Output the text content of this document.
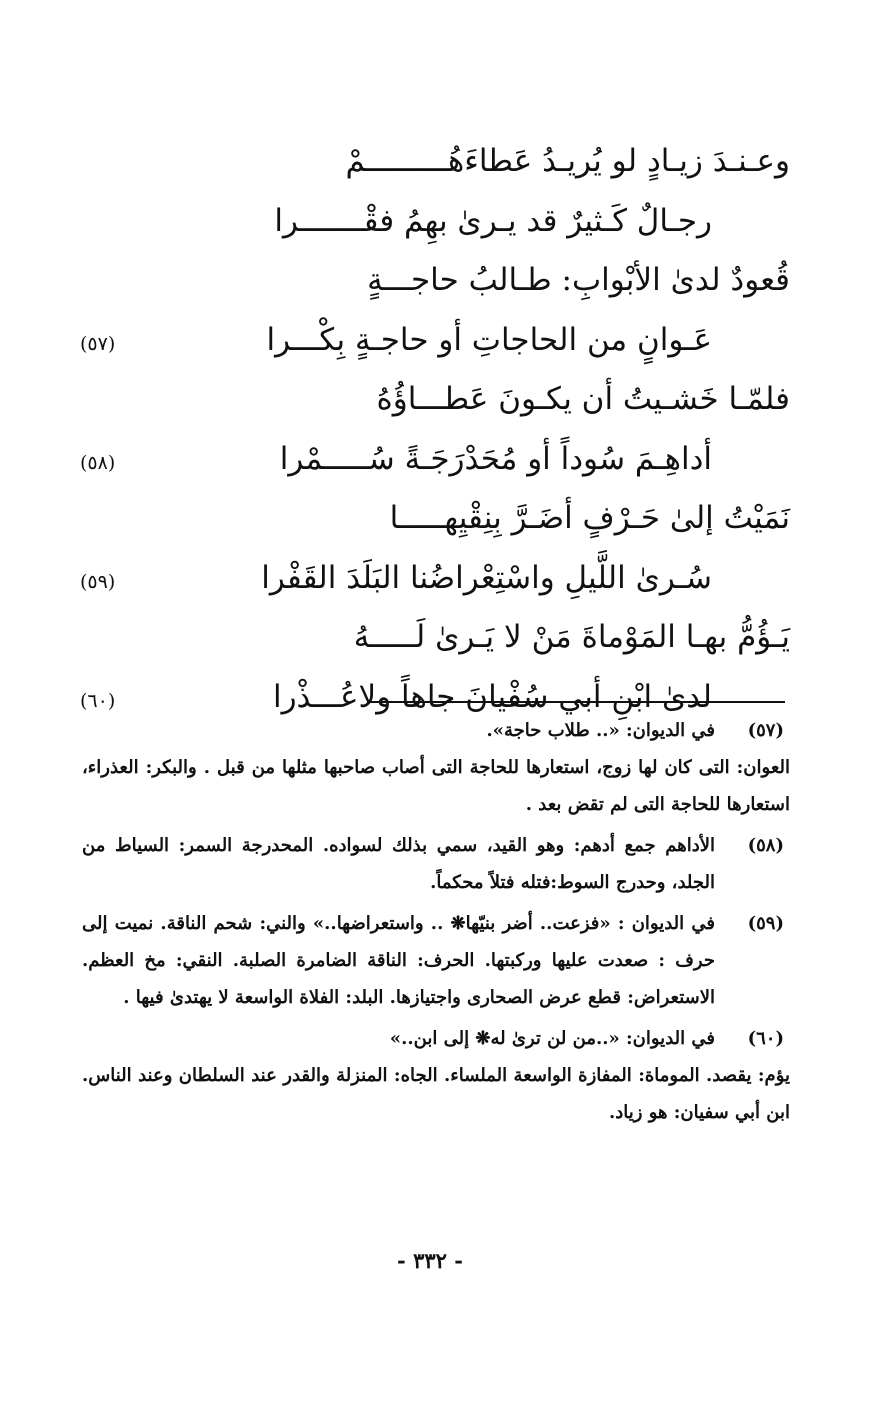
وعـنـدَ زيـادٍ لو يُريـدُ عَطاءَهُـــــــــمْ
رجـالٌ كَـثيرٌ قد يـرىٰ بهِمُ فقْـــــــرا
قُعودٌ لدىٰ الأبْوابِ: طـالبُ حاجـــةٍ
عَـوانٍ من الحاجاتِ أو حاجـةٍ بِكْـــرا
(٥٧)
فلمّـا خَشـيتُ أن يكـونَ عَطـــاؤُهُ
أداهِـمَ سُوداً أو مُحَدْرَجَـةً سُـــــمْرا
(٥٨)
نَمَيْتُ إلىٰ حَـرْفٍ أضَـرَّ بِنِقْيِهـــــا
سُـرىٰ اللَّيلِ واسْتِعْراضُنا البَلَدَ القَفْرا
(٥٩)
يَـؤُمُّ بهـا المَوْماةَ مَنْ لا يَـرىٰ لَـــــهُ
لدىٰ ابْنِ أبي سُفْيانَ جاهاً ولاعُـــذْرا
(٦٠)
(٥٧)
في الديوان: «.. طلاب حاجة».
العوان: التى كان لها زوج، استعارها للحاجة التى أصاب صاحبها مثلها من قبل . والبكر: العذراء، استعارها للحاجة التى لم تقض بعد .
(٥٨)
الأداهم جمع أدهم: وهو القيد، سمي بذلك لسواده. المحدرجة السمر: السياط من الجلد، وحدرج السوط:فتله فتلاً محكماً.
(٥٩)
في الديوان : «فزعت.. أضر بنيّها❋ .. واستعراضها..» والني: شحم الناقة. نميت إلى حرف : صعدت عليها وركبتها. الحرف: الناقة الضامرة الصلبة. النقي: مخ العظم. الاستعراض: قطع عرض الصحارى واجتيازها. البلد: الفلاة الواسعة لا يهتدىٰ فيها .
(٦٠)
في الديوان: «..من لن ترىٰ له❋ إلى ابن..»
يؤم: يقصد. الموماة: المفازة الواسعة الملساء. الجاه: المنزلة والقدر عند السلطان وعند الناس. ابن أبي سفيان: هو زياد.
- ٣٣٢ -
